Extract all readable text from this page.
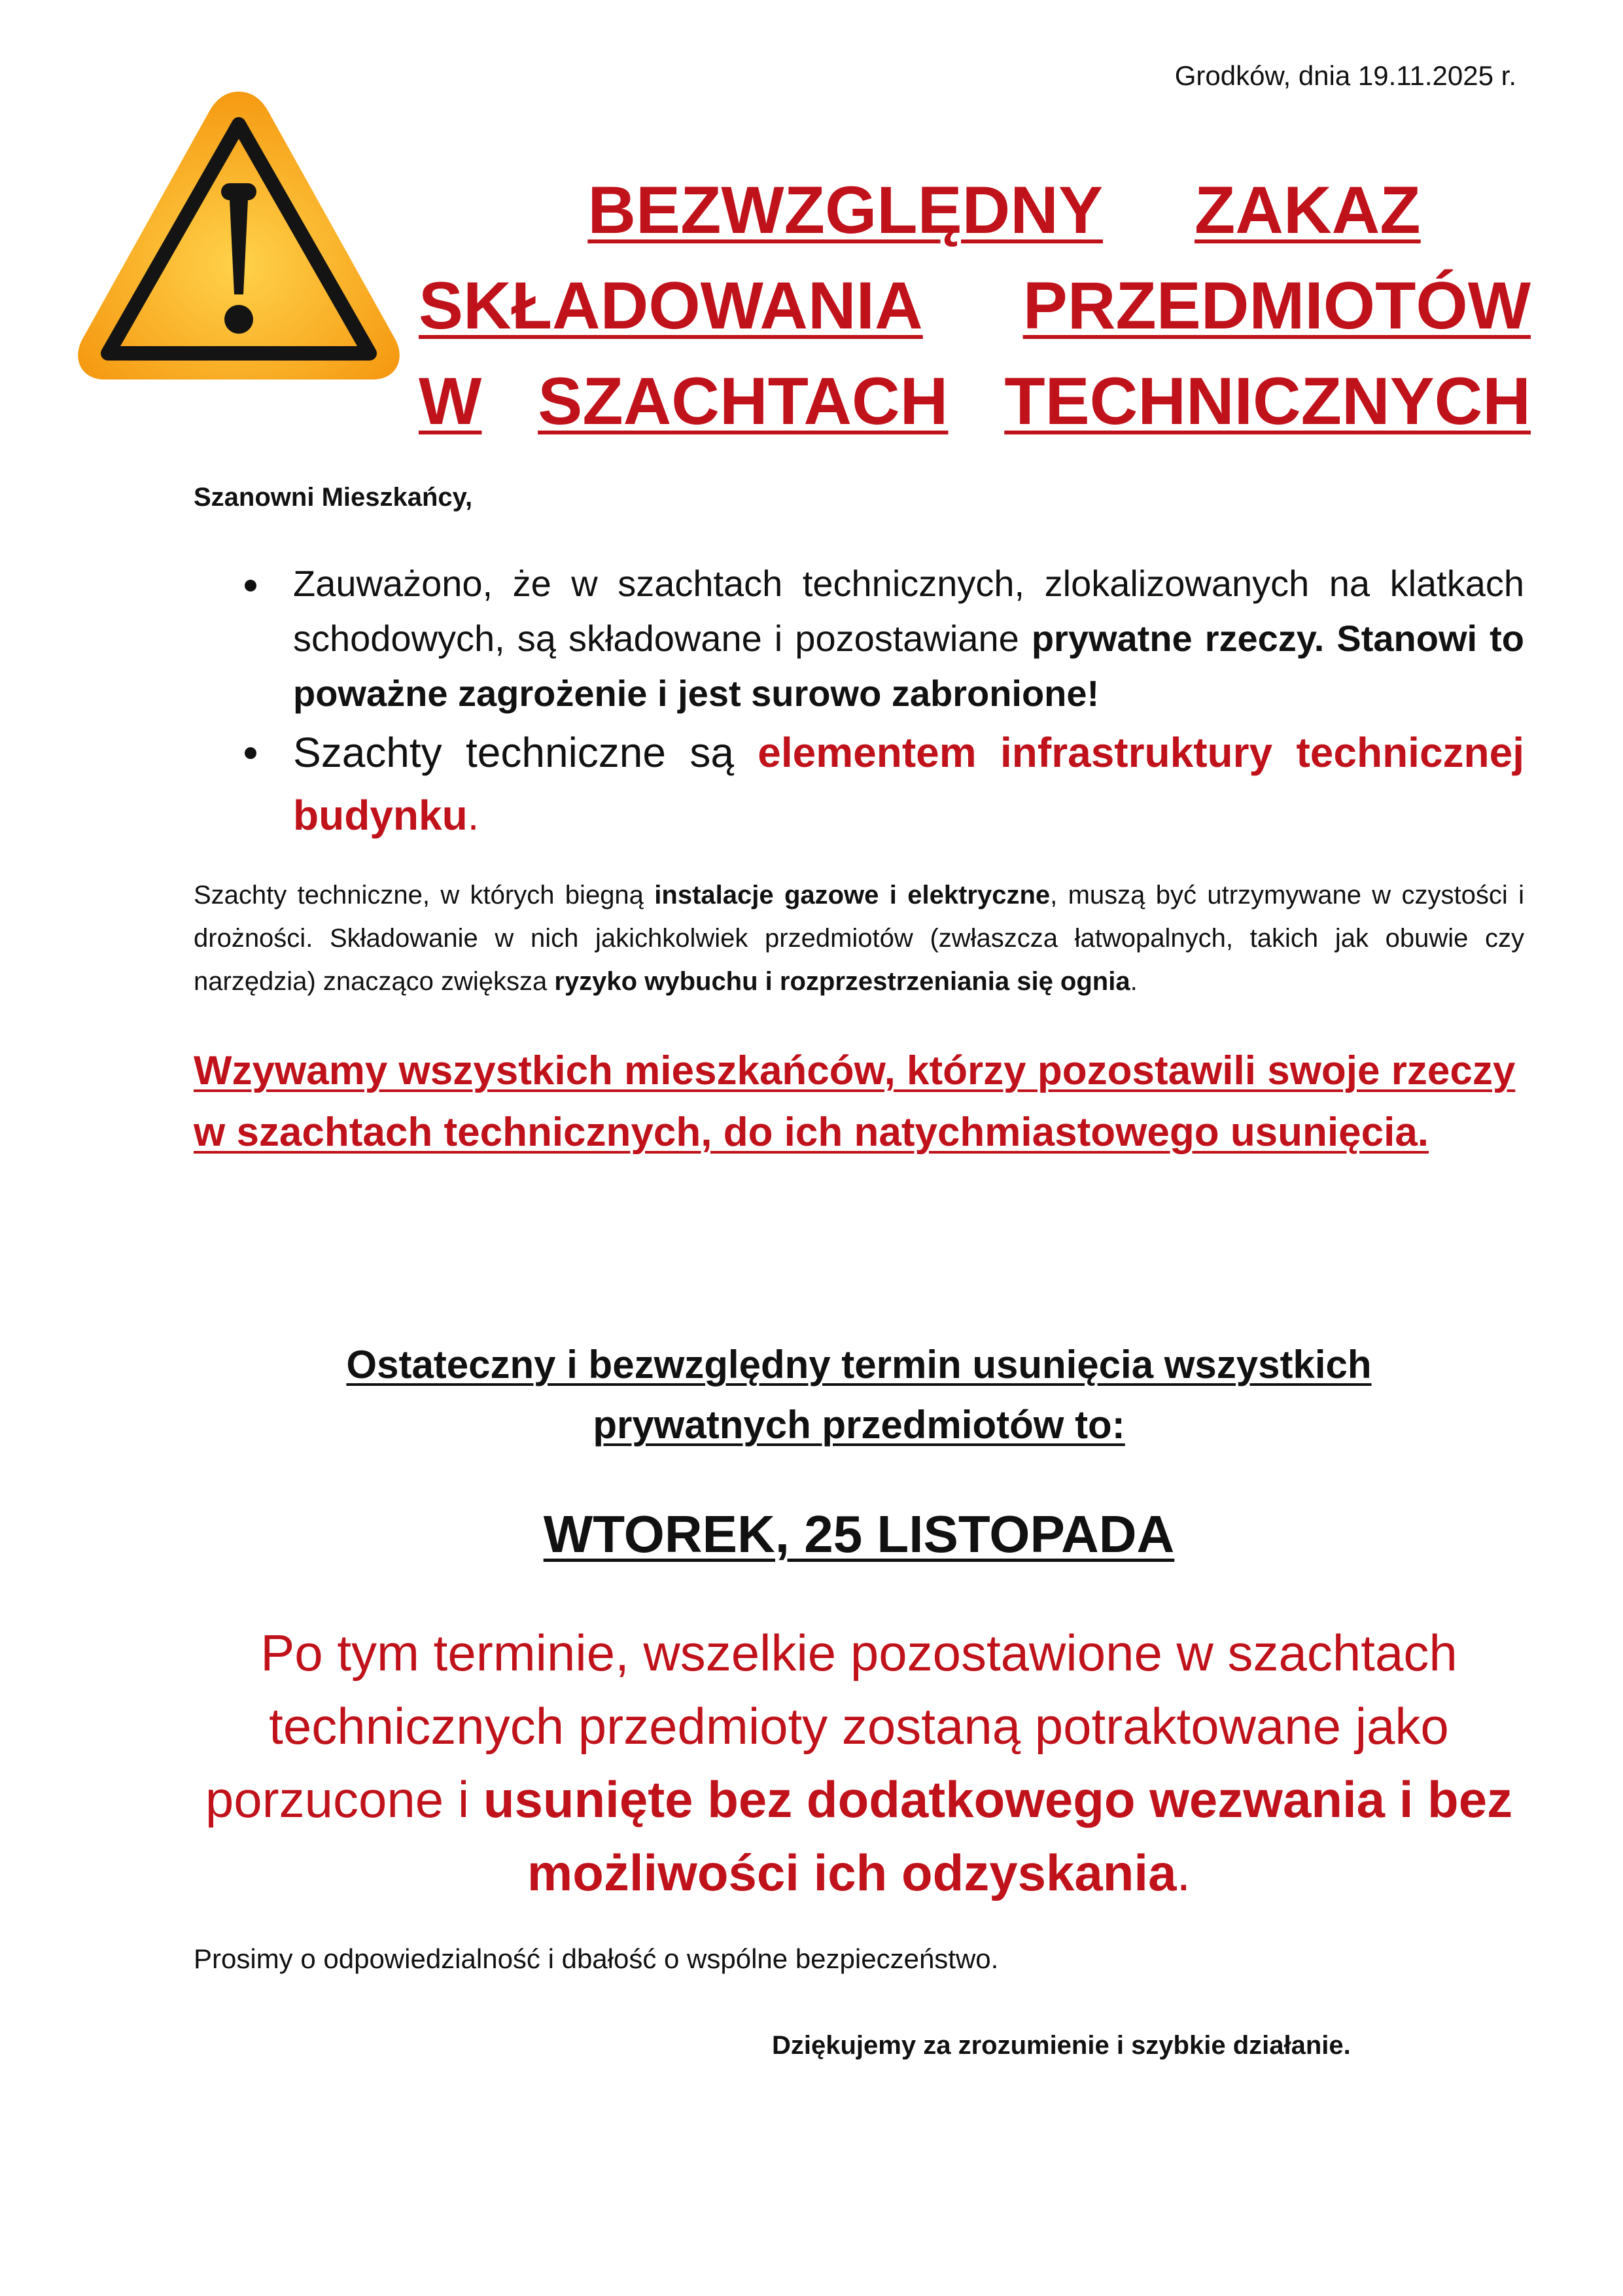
Grodków, dnia 19.11.2025 r.
BEZWZGLĘDNY ZAKAZ
SKŁADOWANIA PRZEDMIOTÓW
W SZACHTACH TECHNICZNYCH
Szanowni Mieszkańcy,
Zauważono, że w szachtach technicznych, zlokalizowanych na klatkach schodowych, są składowane i pozostawiane prywatne rzeczy. Stanowi to poważne zagrożenie i jest surowo zabronione!
Szachty techniczne są elementem infrastruktury technicznej budynku.
Szachty techniczne, w których biegną instalacje gazowe i elektryczne, muszą być utrzymywane w czystości i drożności. Składowanie w nich jakichkolwiek przedmiotów (zwłaszcza łatwopalnych, takich jak obuwie czy narzędzia) znacząco zwiększa ryzyko wybuchu i rozprzestrzeniania się ognia.
Wzywamy wszystkich mieszkańców, którzy pozostawili swoje rzeczy w szachtach technicznych, do ich natychmiastowego usunięcia.
Ostateczny i bezwzględny termin usunięcia wszystkich
prywatnych przedmiotów to:
WTOREK, 25 LISTOPADA
Po tym terminie, wszelkie pozostawione w szachtach technicznych przedmioty zostaną potraktowane jako porzucone i usunięte bez dodatkowego wezwania i bez możliwości ich odzyskania.
Prosimy o odpowiedzialność i dbałość o wspólne bezpieczeństwo.
Dziękujemy za zrozumienie i szybkie działanie.
